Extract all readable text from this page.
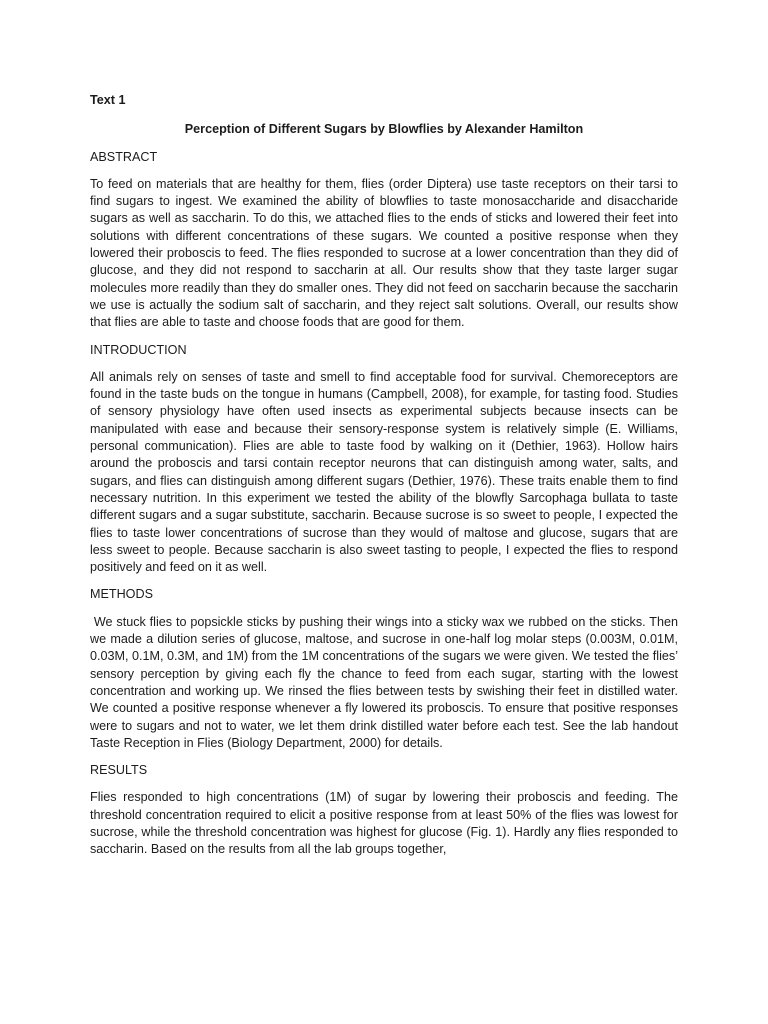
Text 1

Perception of Different Sugars by Blowflies by Alexander Hamilton

ABSTRACT

To feed on materials that are healthy for them, flies (order Diptera) use taste receptors on their tarsi to find sugars to ingest. We examined the ability of blowflies to taste monosaccharide and disaccharide sugars as well as saccharin. To do this, we attached flies to the ends of sticks and lowered their feet into solutions with different concentrations of these sugars. We counted a positive response when they lowered their proboscis to feed. The flies responded to sucrose at a lower concentration than they did of glucose, and they did not respond to saccharin at all. Our results show that they taste larger sugar molecules more readily than they do smaller ones. They did not feed on saccharin because the saccharin we use is actually the sodium salt of saccharin, and they reject salt solutions. Overall, our results show that flies are able to taste and choose foods that are good for them.

INTRODUCTION

All animals rely on senses of taste and smell to find acceptable food for survival. Chemoreceptors are found in the taste buds on the tongue in humans (Campbell, 2008), for example, for tasting food. Studies of sensory physiology have often used insects as experimental subjects because insects can be manipulated with ease and because their sensory-response system is relatively simple (E. Williams, personal communication). Flies are able to taste food by walking on it (Dethier, 1963). Hollow hairs around the proboscis and tarsi contain receptor neurons that can distinguish among water, salts, and sugars, and flies can distinguish among different sugars (Dethier, 1976). These traits enable them to find necessary nutrition. In this experiment we tested the ability of the blowfly Sarcophaga bullata to taste different sugars and a sugar substitute, saccharin. Because sucrose is so sweet to people, I expected the flies to taste lower concentrations of sucrose than they would of maltose and glucose, sugars that are less sweet to people. Because saccharin is also sweet tasting to people, I expected the flies to respond positively and feed on it as well.

METHODS

We stuck flies to popsickle sticks by pushing their wings into a sticky wax we rubbed on the sticks. Then we made a dilution series of glucose, maltose, and sucrose in one-half log molar steps (0.003M, 0.01M, 0.03M, 0.1M, 0.3M, and 1M) from the 1M concentrations of the sugars we were given. We tested the flies’ sensory perception by giving each fly the chance to feed from each sugar, starting with the lowest concentration and working up. We rinsed the flies between tests by swishing their feet in distilled water. We counted a positive response whenever a fly lowered its proboscis. To ensure that positive responses were to sugars and not to water, we let them drink distilled water before each test. See the lab handout Taste Reception in Flies (Biology Department, 2000) for details.

RESULTS

Flies responded to high concentrations (1M) of sugar by lowering their proboscis and feeding. The threshold concentration required to elicit a positive response from at least 50% of the flies was lowest for sucrose, while the threshold concentration was highest for glucose (Fig. 1). Hardly any flies responded to saccharin. Based on the results from all the lab groups together,
